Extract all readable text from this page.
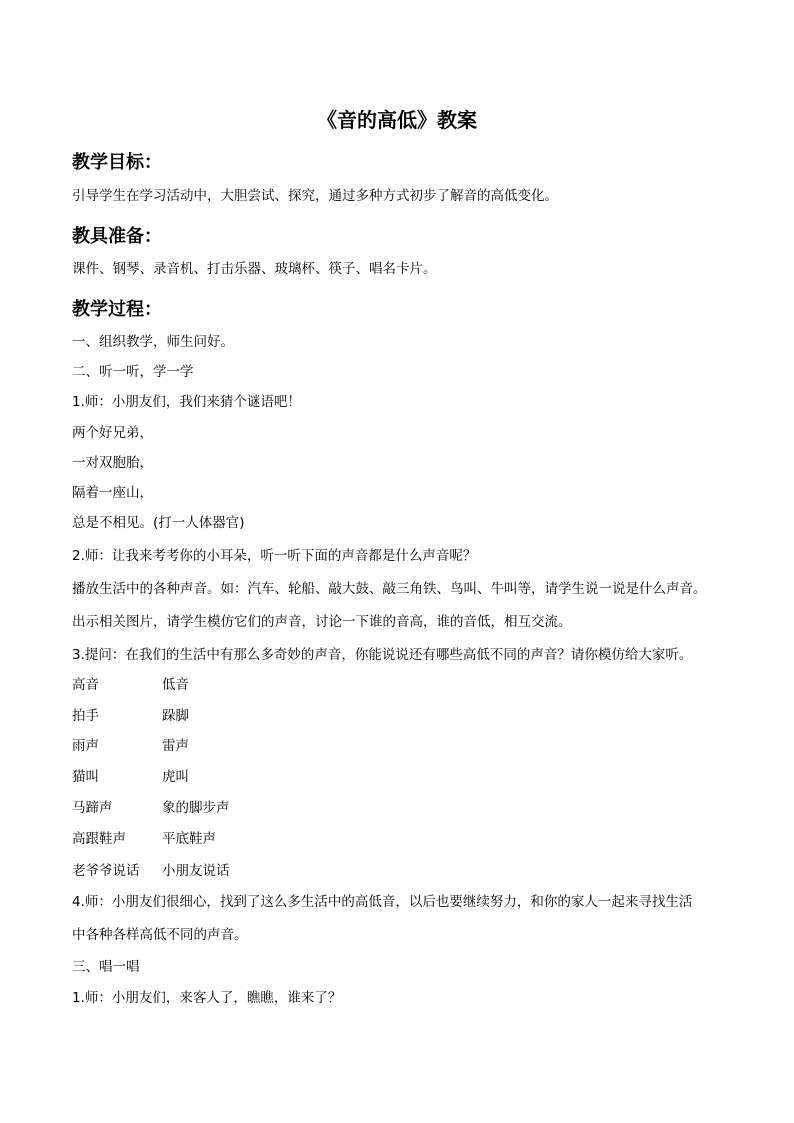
《音的高低》教案
教学目标：
引导学生在学习活动中，大胆尝试、探究，通过多种方式初步了解音的高低变化。
教具准备：
课件、钢琴、录音机、打击乐器、玻璃杯、筷子、唱名卡片。
教学过程：
一、组织教学，师生问好。
二、听一听，学一学
1.师：小朋友们，我们来猜个谜语吧！
两个好兄弟，
一对双胞胎，
隔着一座山，
总是不相见。(打一人体器官)
2.师：让我来考考你的小耳朵，听一听下面的声音都是什么声音呢？
播放生活中的各种声音。如：汽车、轮船、敲大鼓、敲三角铁、鸟叫、牛叫等，请学生说一说是什么声音。
出示相关图片，请学生模仿它们的声音，讨论一下谁的音高，谁的音低，相互交流。
3.提问：在我们的生活中有那么多奇妙的声音，你能说说还有哪些高低不同的声音？请你模仿给大家听。
高音	低音
拍手	跺脚
雨声	雷声
猫叫	虎叫
马蹄声	象的脚步声
高跟鞋声	平底鞋声
老爷爷说话 小朋友说话
4.师：小朋友们很细心，找到了这么多生活中的高低音，以后也要继续努力，和你的家人一起来寻找生活
中各种各样高低不同的声音。
三、唱一唱
1.师：小朋友们，来客人了，瞧瞧，谁来了？
